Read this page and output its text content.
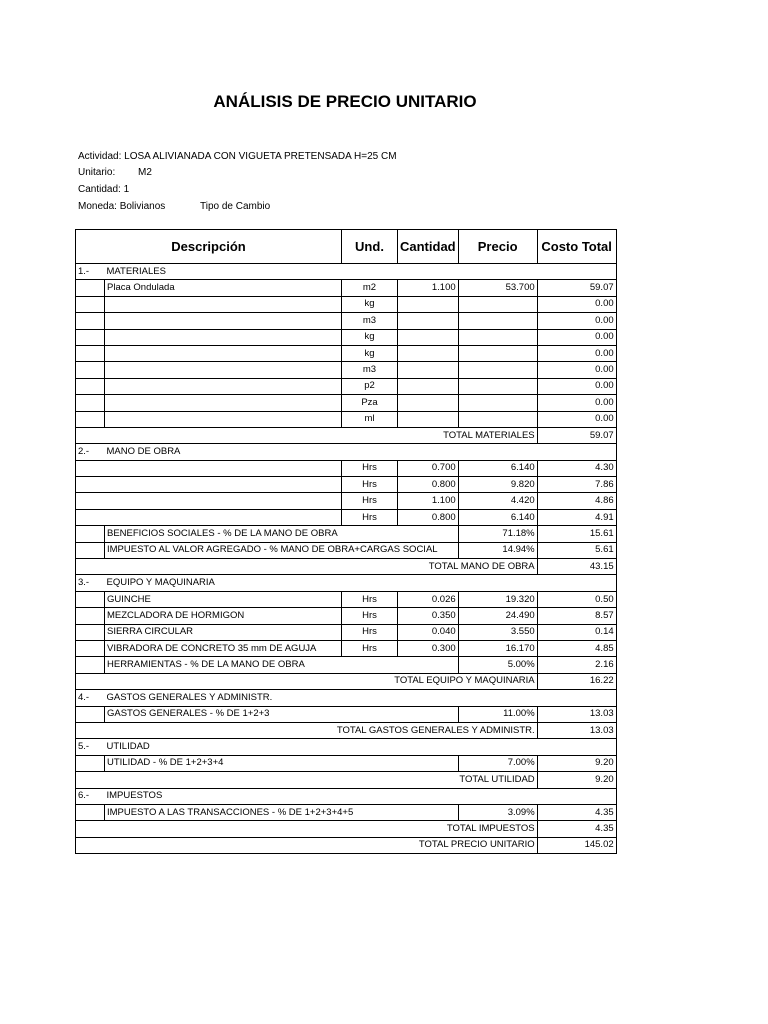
ANÁLISIS DE PRECIO UNITARIO
Actividad: LOSA ALIVIANADA CON VIGUETA PRETENSADA H=25 CM
Unitario: M2
Cantidad: 1
Moneda: Bolivianos	Tipo de Cambio
Descripción		Und.	Cantidad	Precio	Costo Total
1.-	MATERIALES				
	Placa Ondulada	m2	1.100	53.700	59.07
		kg			0.00
		m3			0.00
		kg			0.00
		kg			0.00
		m3			0.00
		p2			0.00
		Pza			0.00
		ml			0.00
TOTAL MATERIALES					59.07
2.-	MANO DE OBRA				
		Hrs	0.700	6.140	4.30
		Hrs	0.800	9.820	7.86
		Hrs	1.100	4.420	4.86
		Hrs	0.800	6.140	4.91
	BENEFICIOS SOCIALES - % DE LA MANO DE OBRA			71.18%	15.61
	IMPUESTO AL VALOR AGREGADO - % MANO DE OBRA+CARGAS SOCIAL			14.94%	5.61
TOTAL MANO DE OBRA					43.15
3.-	EQUIPO Y MAQUINARIA				
	GUINCHE	Hrs	0.026	19.320	0.50
	MEZCLADORA DE HORMIGON	Hrs	0.350	24.490	8.57
	SIERRA CIRCULAR	Hrs	0.040	3.550	0.14
	VIBRADORA DE CONCRETO 35 mm DE AGUJA	Hrs	0.300	16.170	4.85
	HERRAMIENTAS - % DE LA MANO DE OBRA			5.00%	2.16
TOTAL EQUIPO Y MAQUINARIA					16.22
4.-	GASTOS GENERALES Y ADMINISTR.				
	GASTOS GENERALES - % DE 1+2+3			11.00%	13.03
TOTAL GASTOS GENERALES Y ADMINISTR.					13.03
5.-	UTILIDAD				
	UTILIDAD - % DE 1+2+3+4			7.00%	9.20
TOTAL UTILIDAD					9.20
6.-	IMPUESTOS				
	IMPUESTO A LAS TRANSACCIONES - % DE 1+2+3+4+5			3.09%	4.35
TOTAL IMPUESTOS					4.35
TOTAL PRECIO UNITARIO					145.02
